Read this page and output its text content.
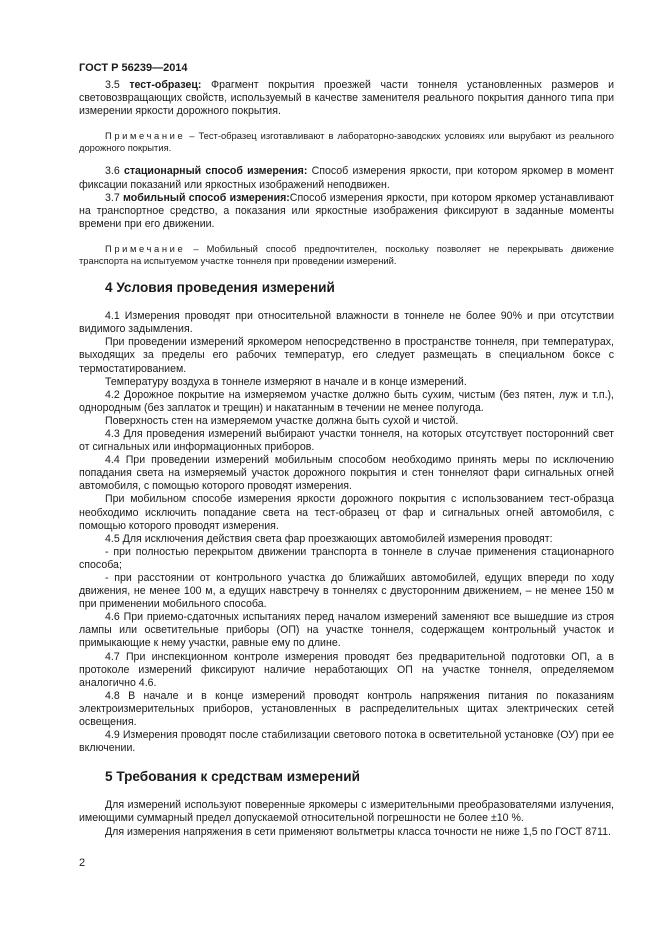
ГОСТ Р 56239—2014

3.5 тест-образец: Фрагмент покрытия проезжей части тоннеля установленных размеров и световозвращающих свойств, используемый в качестве заменителя реального покрытия данного типа при измерении яркости дорожного покрытия.

Примечание – Тест-образец изготавливают в лабораторно-заводских условиях или вырубают из реального дорожного покрытия.

3.6 стационарный способ измерения: Способ измерения яркости, при котором яркомер в момент фиксации показаний или яркостных изображений неподвижен.

3.7 мобильный способ измерения:Способ измерения яркости, при котором яркомер устанавливают на транспортное средство, а показания или яркостные изображения фиксируют в заданные моменты времени при его движении.

Примечание – Мобильный способ предпочтителен, поскольку позволяет не перекрывать движение транспорта на испытуемом участке тоннеля при проведении измерений.

4 Условия проведения измерений

4.1 Измерения проводят при относительной влажности в тоннеле не более 90% и при отсутствии видимого задымления.

При проведении измерений яркомером непосредственно в пространстве тоннеля, при температурах, выходящих за пределы его рабочих температур, его следует размещать в специальном боксе с термостатированием.

Температуру воздуха в тоннеле измеряют в начале и в конце измерений.

4.2 Дорожное покрытие на измеряемом участке должно быть сухим, чистым (без пятен, луж и т.п.), однородным (без заплаток и трещин) и накатанным в течении не менее полугода.

Поверхность стен на измеряемом участке должна быть сухой и чистой.

4.3 Для проведения измерений выбирают участки тоннеля, на которых отсутствует посторонний свет от сигнальных или информационных приборов.

4.4 При проведении измерений мобильным способом необходимо принять меры по исключению попадания света на измеряемый участок дорожного покрытия и стен тоннеляот фари сигнальных огней автомобиля, с помощью которого проводят измерения.

При мобильном способе измерения яркости дорожного покрытия с использованием тест-образца необходимо исключить попадание света на тест-образец от фар и сигнальных огней автомобиля, с помощью которого проводят измерения.

4.5 Для исключения действия света фар проезжающих автомобилей измерения проводят:

- при полностью перекрытом движении транспорта в тоннеле в случае применения стационарного способа;

- при расстоянии от контрольного участка до ближайших автомобилей, едущих впереди по ходу движения, не менее 100 м, а едущих навстречу в тоннелях с двусторонним движением, – не менее 150 м при применении мобильного способа.

4.6 При приемо-сдаточных испытаниях перед началом измерений заменяют все вышедшие из строя лампы или осветительные приборы (ОП) на участке тоннеля, содержащем контрольный участок и примыкающие к нему участки, равные ему по длине.

4.7 При инспекционном контроле измерения проводят без предварительной подготовки ОП, а в протоколе измерений фиксируют наличие неработающих ОП на участке тоннеля, определяемом аналогично 4.6.

4.8 В начале и в конце измерений проводят контроль напряжения питания по показаниям электроизмерительных приборов, установленных в распределительных щитах электрических сетей освещения.

4.9 Измерения проводят после стабилизации светового потока в осветительной установке (ОУ) при ее включении.

5 Требования к средствам измерений

Для измерений используют поверенные яркомеры с измерительными преобразователями излучения, имеющими суммарный предел допускаемой относительной погрешности не более ±10 %.

Для измерения напряжения в сети применяют вольтметры класса точности не ниже 1,5 по ГОСТ 8711.

2
